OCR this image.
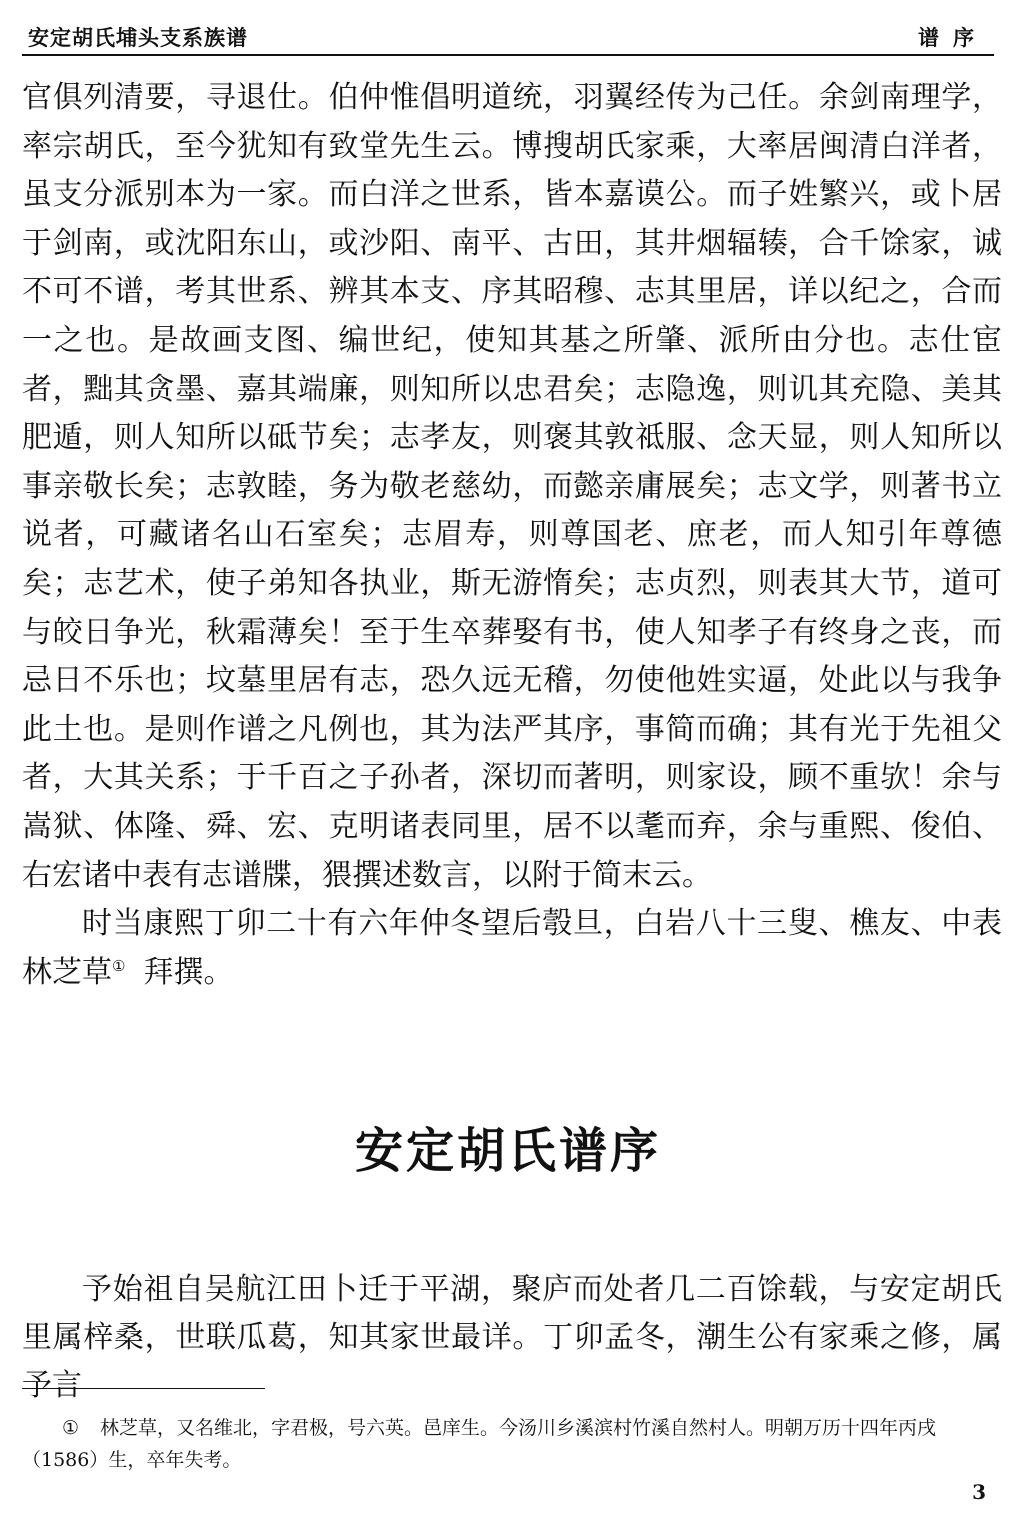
安定胡氏埔头支系族谱	谱序

官俱列清要，寻退仕。伯仲惟倡明道统，羽翼经传为己任。余剑南理学，率宗胡氏，至今犹知有致堂先生云。博搜胡氏家乘，大率居闽清白洋者，虽支分派别本为一家。而白洋之世系，皆本嘉谟公。而子姓繁兴，或卜居于剑南，或沈阳东山，或沙阳、南平、古田，其井烟辐辏，合千馀家，诚不可不谱，考其世系、辨其本支、序其昭穆、志其里居，详以纪之，合而一之也。是故画支图、编世纪，使知其基之所肇、派所由分也。志仕宦者，黜其贪墨、嘉其端廉，则知所以忠君矣；志隐逸，则讥其充隐、美其肥遁，则人知所以砥节矣；志孝友，则褒其敦祗服、念天显，则人知所以事亲敬长矣；志敦睦，务为敬老慈幼，而懿亲庸展矣；志文学，则著书立说者，可藏诸名山石室矣；志眉寿，则尊国老、庶老，而人知引年尊德矣；志艺术，使子弟知各执业，斯无游惰矣；志贞烈，则表其大节，道可与皎日争光，秋霜薄矣！至于生卒葬娶有书，使人知孝子有终身之丧，而忌日不乐也；坟墓里居有志，恐久远无稽，勿使他姓实逼，处此以与我争此土也。是则作谱之凡例也，其为法严其序，事简而确；其有光于先祖父者，大其关系；于千百之子孙者，深切而著明，则家设，顾不重欤！余与嵩狱、体隆、舜、宏、克明诸表同里，居不以耄而弃，余与重熙、俊伯、右宏诸中表有志谱牒，猥撰述数言，以附于简末云。

时当康熙丁卯二十有六年仲冬望后彀旦，白岩八十三叟、樵友、中表林芝草① 拜撰。

安定胡氏谱序

予始祖自吴航江田卜迁于平湖，聚庐而处者几二百馀载，与安定胡氏里属梓桑，世联瓜葛，知其家世最详。丁卯孟冬，潮生公有家乘之修，属予言

① 林芝草，又名维北，字君极，号六英。邑庠生。今汤川乡溪滨村竹溪自然村人。明朝万历十四年丙戌（1586）生，卒年失考。
3
